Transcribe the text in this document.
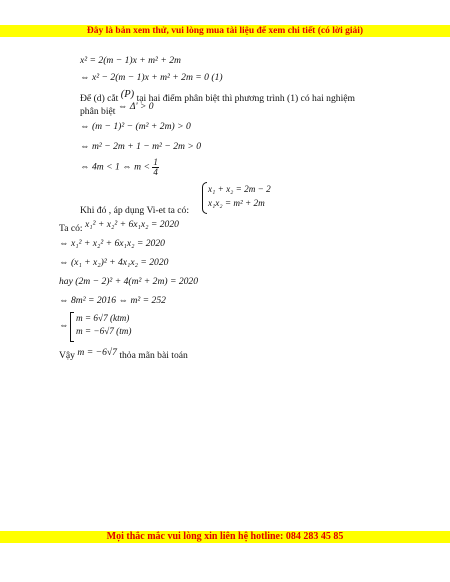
Đây là bản xem thử, vui lòng mua tài liệu để xem chi tiết (có lời giải)
x² = 2(m − 1)x + m² + 2m
⇔ x² − 2(m − 1)x + m² + 2m = 0 (1)
Để (d) cắt (P) tại hai điểm phân biệt thì phương trình (1) có hai nghiệm
phân biệt ⇔ Δ' > 0
⇔ (m − 1)² − (m² + 2m) > 0
⇔ m² − 2m + 1 − m² − 2m > 0
⇔ 4m < 1 ⇔ $m < \frac{1}{4}$
x₁ + x₂ = 2m − 2
x₁x₂ = m² + 2m
Khi đó , áp dụng Vi-et ta có:
Ta có: x₁² + x₂² + 6x₁x₂ = 2020
⇔ x₁² + x₂² + 6x₁x₂ = 2020
⇔ (x₁ + x₂)² + 4x₁x₂ = 2020
hay (2m − 2)² + 4(m² + 2m) = 2020
⇔ 8m² = 2016 ⇔ m² = 252
⇔
m = 6√7 (ktm)
m = −6√7 (tm)
Vậy m = −6√7 thỏa mãn bài toán
Mọi thắc mắc vui lòng xin liên hệ hotline: 084 283 45 85
